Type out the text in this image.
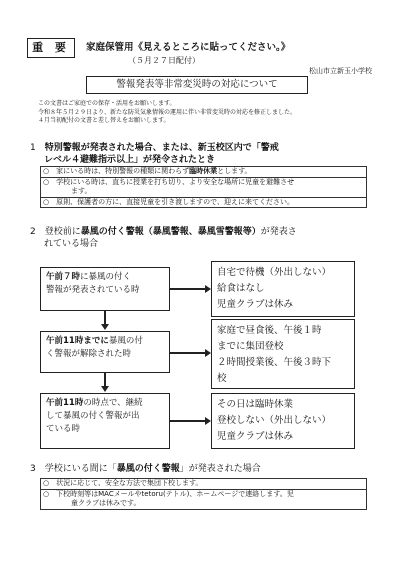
重 要	家庭保管用《見えるところに貼ってください。》
（５月２７日配付）
松山市立新玉小学校
警報発表等非常変災時の対応について
この文書はご家庭での保存・活用をお願いします。
令和８年５月２９日より、新たな防災気象情報の運用に伴い非常変災時の対応を修正しました。
４月当初配付の文書と差し替えをお願いします。
1　 特別警報が発表された場合、または、新玉校区内で「警戒
レベル４避難指示以上」が発令されたとき
○　家にいる時は、特別警報の種類に関わらず臨時休業とします。
○　学校にいる時は、直ちに授業を打ち切り、より安全な場所に児童を避難させ
ます。
○　原則、保護者の方に、直接児童を引き渡しますので、迎えに来てください。
2　 登校前に暴風の付く警報（暴風警報、暴風雪警報等）が発表さ
れている場合
午前７時に暴風の付く
警報が発表されている時
自宅で待機（外出しない）
給食はなし
児童クラブは休み
午前11時までに暴風の付
く警報が解除された時
家庭で昼食後、午後１時
までに集団登校
２時間授業後、午後３時下
校
午前11時の時点で、継続
して暴風の付く警報が出
ている時
その日は臨時休業
登校しない（外出しない）
児童クラブは休み
3　 学校にいる間に「暴風の付く警報」が発表された場合
○　状況に応じて、安全な方法で集団下校します。
○　下校時刻等はMACメールやtetoru(テトル)、ホームページで連絡します。児
童クラブは休みです。
